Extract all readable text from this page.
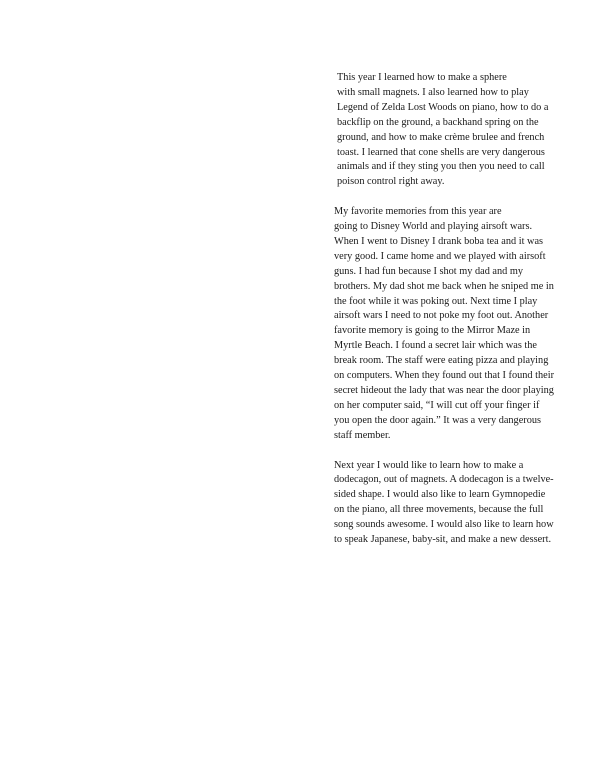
This year I learned how to make a sphere
with small magnets. I also learned how to play
Legend of Zelda Lost Woods on piano, how to do a
backflip on the ground, a backhand spring on the
ground, and how to make crème brulee and french
toast. I learned that cone shells are very dangerous
animals and if they sting you then you need to call
poison control right away.

My favorite memories from this year are
going to Disney World and playing airsoft wars.
When I went to Disney I drank boba tea and it was
very good. I came home and we played with airsoft
guns. I had fun because I shot my dad and my
brothers. My dad shot me back when he sniped me in
the foot while it was poking out. Next time I play
airsoft wars I need to not poke my foot out. Another
favorite memory is going to the Mirror Maze in
Myrtle Beach. I found a secret lair which was the
break room. The staff were eating pizza and playing
on computers. When they found out that I found their
secret hideout the lady that was near the door playing
on her computer said, “I will cut off your finger if
you open the door again.” It was a very dangerous
staff member.

Next year I would like to learn how to make a
dodecagon, out of magnets. A dodecagon is a twelve-
sided shape. I would also like to learn Gymnopedie
on the piano, all three movements, because the full
song sounds awesome. I would also like to learn how
to speak Japanese, baby-sit, and make a new dessert.
